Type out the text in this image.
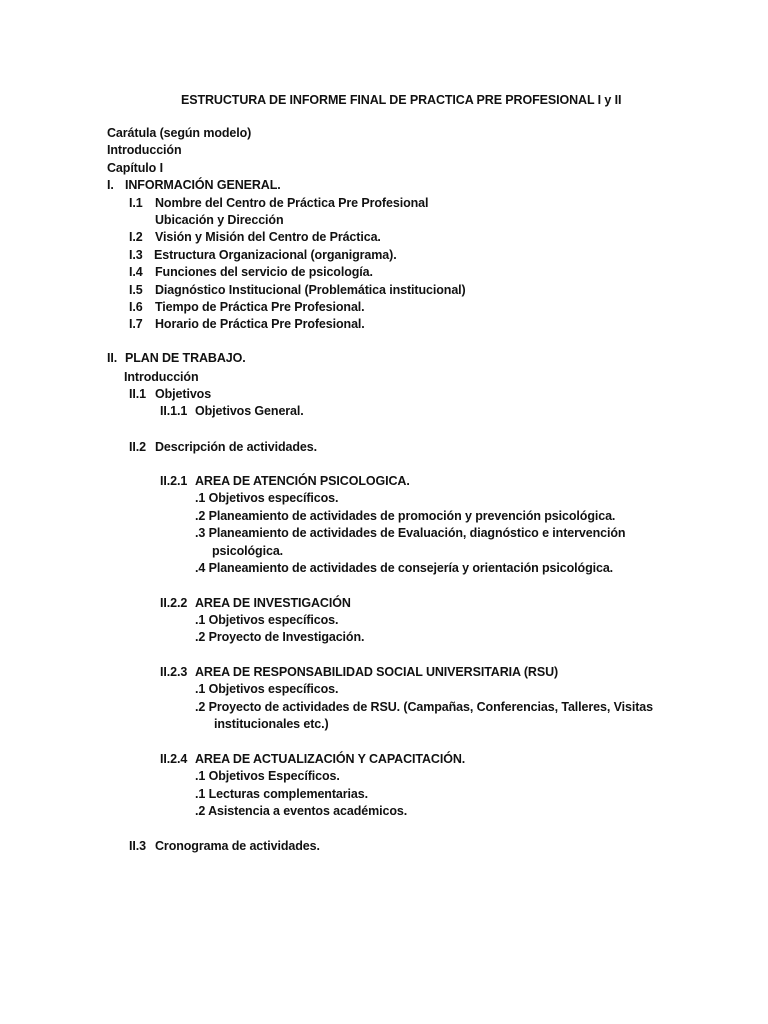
ESTRUCTURA DE INFORME FINAL DE PRACTICA PRE PROFESIONAL I y II
Carátula (según modelo)
Introducción
Capítulo I
I. INFORMACIÓN GENERAL.
I.1 Nombre del Centro de Práctica Pre Profesional
Ubicación y Dirección
I.2 Visión y Misión del Centro de Práctica.
I.3 Estructura Organizacional (organigrama).
I.4 Funciones del servicio de psicología.
I.5 Diagnóstico Institucional (Problemática institucional)
I.6 Tiempo de Práctica Pre Profesional.
I.7 Horario de Práctica Pre Profesional.
II. PLAN DE TRABAJO.
Introducción
II.1 Objetivos
II.1.1 Objetivos General.
II.2 Descripción de actividades.
II.2.1 AREA DE ATENCIÓN PSICOLOGICA.
.1 Objetivos específicos.
.2 Planeamiento de actividades de promoción y prevención psicológica.
.3 Planeamiento de actividades de Evaluación, diagnóstico e intervención
psicológica.
.4 Planeamiento de actividades de consejería y orientación psicológica.
II.2.2 AREA DE INVESTIGACIÓN
.1 Objetivos específicos.
.2 Proyecto de Investigación.
II.2.3 AREA DE RESPONSABILIDAD SOCIAL UNIVERSITARIA (RSU)
.1 Objetivos específicos.
.2 Proyecto de actividades de RSU. (Campañas, Conferencias, Talleres, Visitas
institucionales etc.)
II.2.4 AREA DE ACTUALIZACIÓN Y CAPACITACIÓN.
.1 Objetivos Específicos.
.1 Lecturas complementarias.
.2 Asistencia a eventos académicos.
II.3 Cronograma de actividades.
